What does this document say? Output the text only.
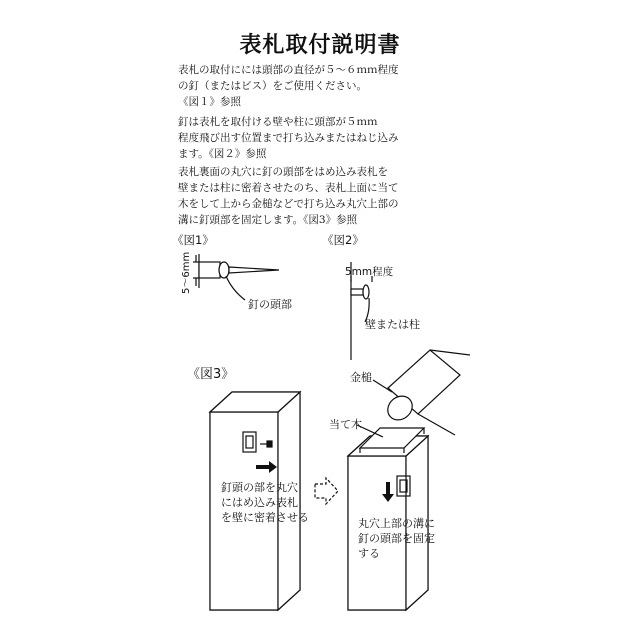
表札取付説明書
表札の取付にには頭部の直径が５～６ｍｍ程度
の釘（またはビス）をご使用ください。
《図１》参照
釘は表札を取付ける壁や柱に頭部が５ｍｍ
程度飛び出す位置まで打ち込みまたはねじ込み
ます。《図２》参照
表札裏面の丸穴に釘の頭部をはめ込み表札を
壁または柱に密着させたのち、表札上面に当て
木をして上から金槌などで打ち込み丸穴上部の
溝に釘頭部を固定します。《図3》参照
《図1》	《図2》
《図3》
5～6mm
釘の頭部
5mm程度
壁または柱
金槌
当て木
釘頭の部を丸穴
にはめ込み表札
を壁に密着させる	丸穴上部の溝に
釘の頭部を固定
する
